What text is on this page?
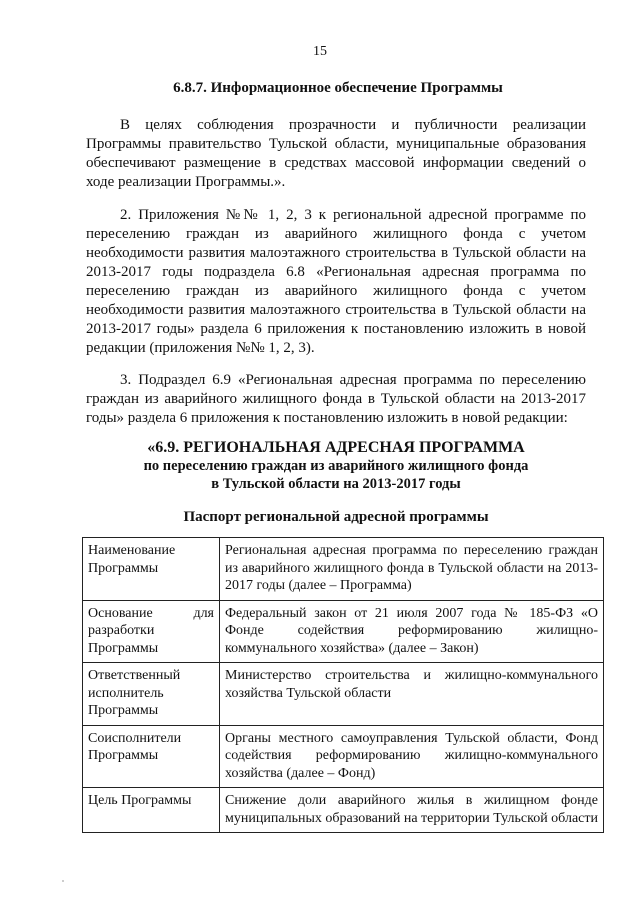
15
6.8.7. Информационное обеспечение Программы

В целях соблюдения прозрачности и публичности реализации Программы правительство Тульской области, муниципальные образования обеспечивают размещение в средствах массовой информации сведений о ходе реализации Программы.».

2. Приложения №№ 1, 2, 3 к региональной адресной программе по переселению граждан из аварийного жилищного фонда с учетом необходимости развития малоэтажного строительства в Тульской области на 2013-2017 годы подраздела 6.8 «Региональная адресная программа по переселению граждан из аварийного жилищного фонда с учетом необходимости развития малоэтажного строительства в Тульской области на 2013-2017 годы» раздела 6 приложения к постановлению изложить в новой редакции (приложения №№ 1, 2, 3).

3. Подраздел 6.9 «Региональная адресная программа по переселению граждан из аварийного жилищного фонда в Тульской области на 2013-2017 годы» раздела 6 приложения к постановлению изложить в новой редакции:

«6.9. РЕГИОНАЛЬНАЯ АДРЕСНАЯ ПРОГРАММА
по переселению граждан из аварийного жилищного фонда
в Тульской области на 2013-2017 годы
Паспорт региональной адресной программы
Наименование Программы	Региональная адресная программа по переселению граждан из аварийного жилищного фонда в Тульской области на 2013-2017 годы (далее – Программа)
Основание для разработки Программы	Федеральный закон от 21 июля 2007 года № 185-ФЗ «О Фонде содействия реформированию жилищно-коммунального хозяйства» (далее – Закон)
Ответственный исполнитель Программы	Министерство строительства и жилищно-коммунального хозяйства Тульской области
Соисполнители Программы	Органы местного самоуправления Тульской области, Фонд содействия реформированию жилищно-коммунального хозяйства (далее – Фонд)
Цель Программы	Снижение доли аварийного жилья в жилищном фонде муниципальных образований на территории Тульской области
